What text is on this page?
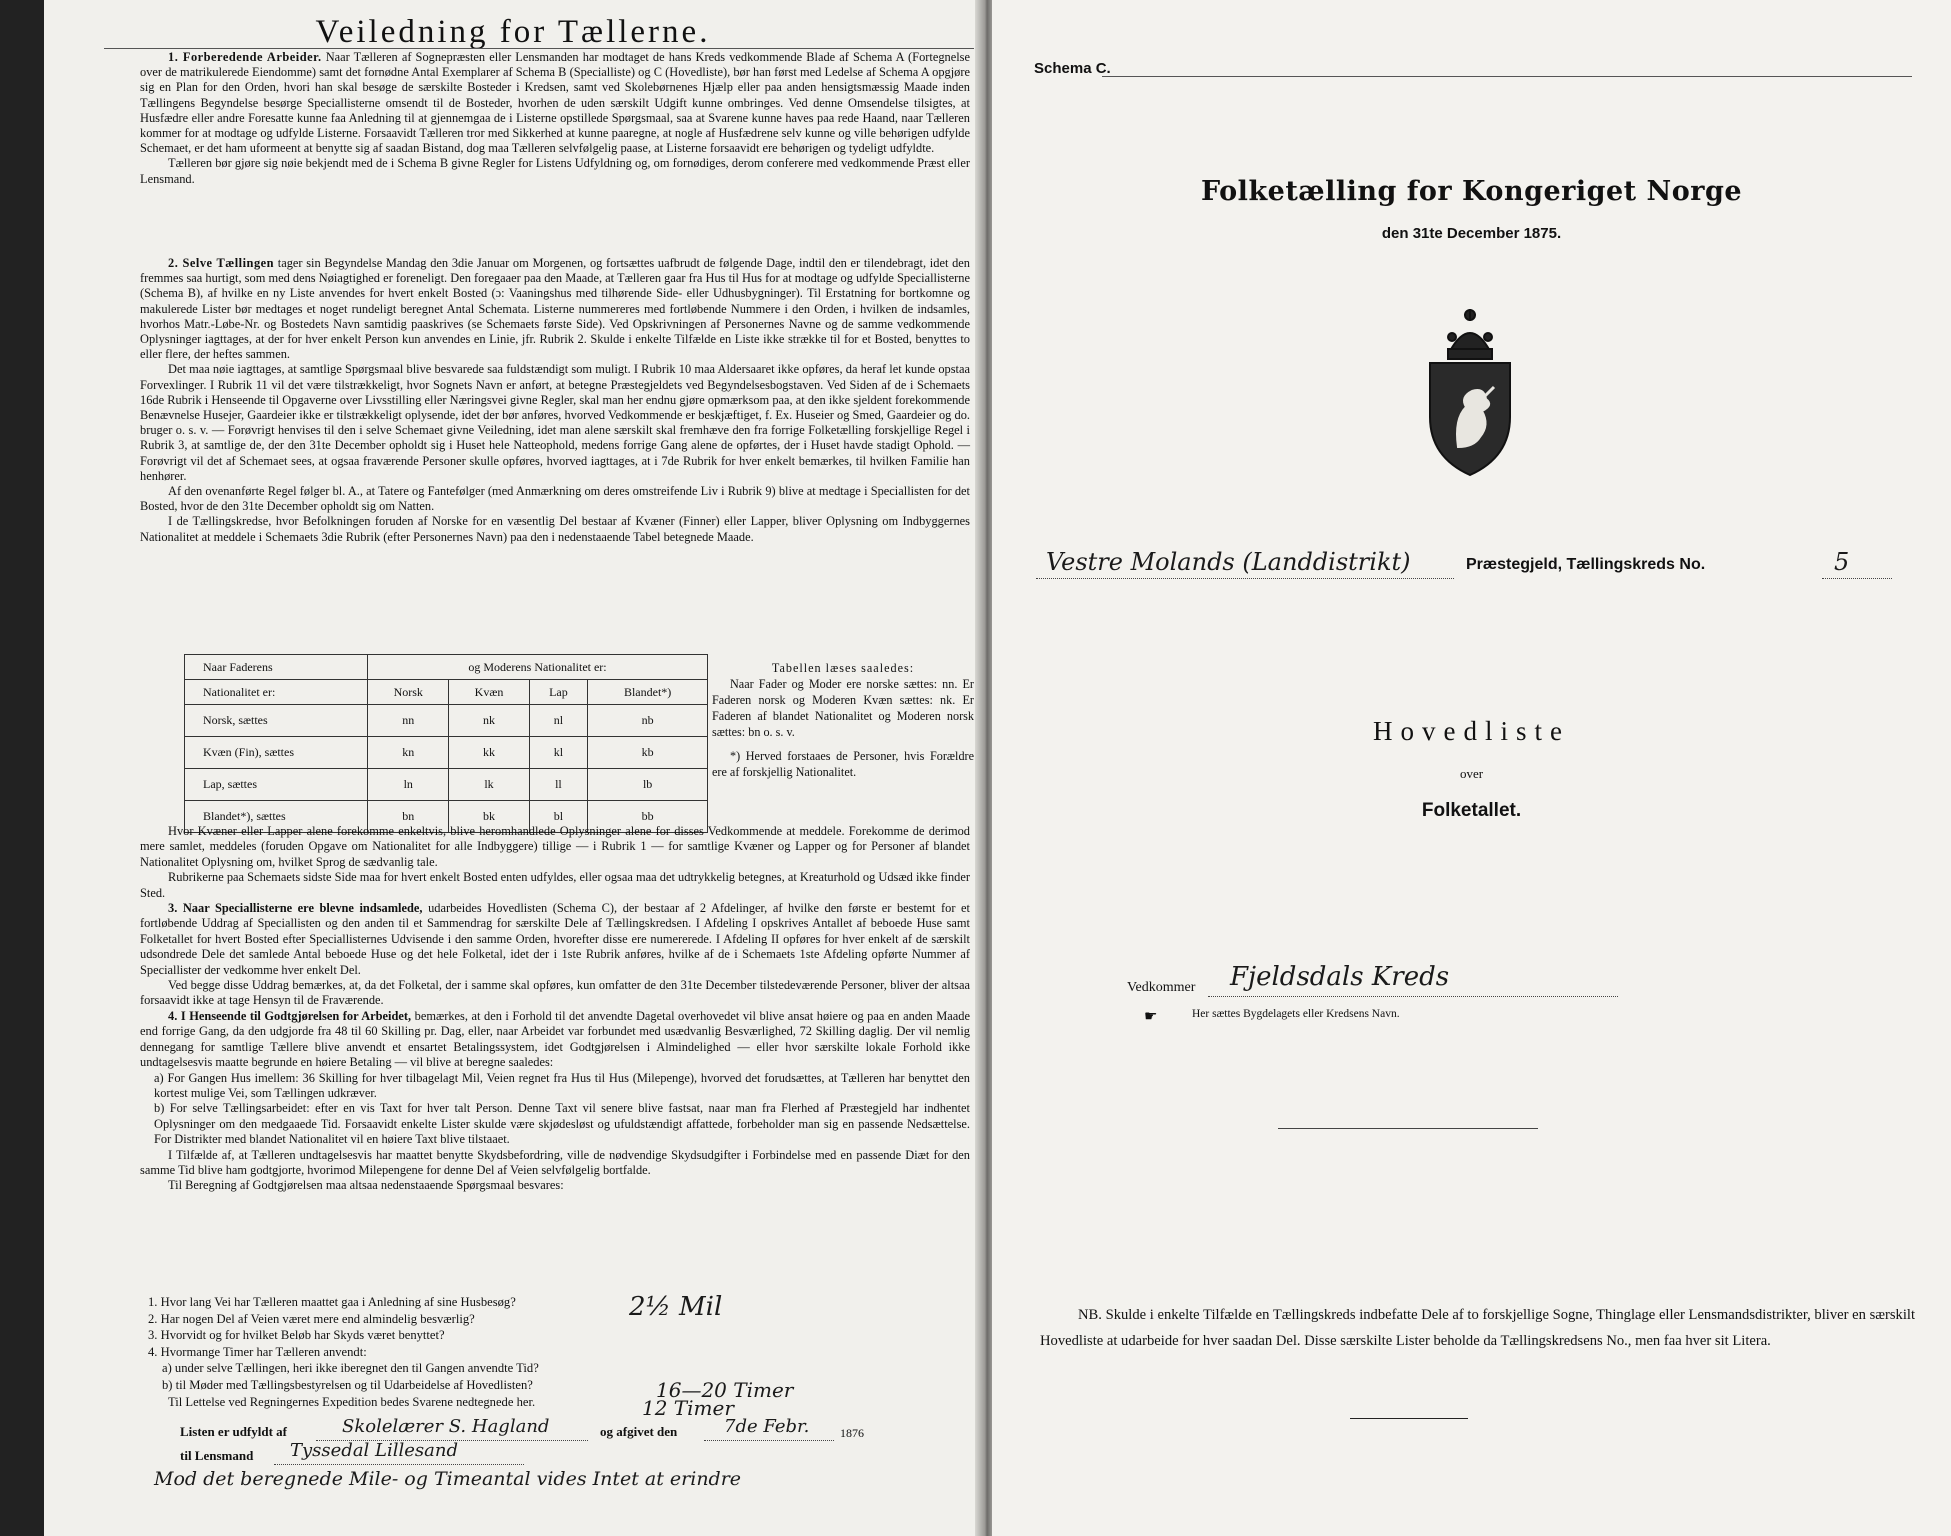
Veiledning for Tællerne.

1. Forberedende Arbeider. Naar Tælleren af Sognepræsten eller Lensmanden har modtaget de hans Kreds vedkommende Blade af Schema A (Fortegnelse over de matrikulerede Eiendomme) samt det fornødne Antal Exemplarer af Schema B (Specialliste) og C (Hovedliste), bør han først med Ledelse af Schema A opgjøre sig en Plan for den Orden, hvori han skal besøge de særskilte Bosteder i Kredsen, samt ved Skolebørnenes Hjælp eller paa anden hensigtsmæssig Maade inden Tællingens Begyndelse besørge Speciallisterne omsendt til de Bosteder, hvorhen de uden særskilt Udgift kunne ombringes. Ved denne Omsendelse tilsigtes, at Husfædre eller andre Foresatte kunne faa Anledning til at gjennemgaa de i Listerne opstillede Spørgsmaal, saa at Svarene kunne haves paa rede Haand, naar Tælleren kommer for at modtage og udfylde Listerne. Forsaavidt Tælleren tror med Sikkerhed at kunne paaregne, at nogle af Husfædrene selv kunne og ville behørigen udfylde Schemaet, er det ham uformeent at benytte sig af saadan Bistand, dog maa Tælleren selvfølgelig paase, at Listerne forsaavidt ere behørigen og tydeligt udfyldte.

Tælleren bør gjøre sig nøie bekjendt med de i Schema B givne Regler for Listens Udfyldning og, om fornødiges, derom conferere med vedkommende Præst eller Lensmand.

2. Selve Tællingen tager sin Begyndelse Mandag den 3die Januar om Morgenen, og fortsættes uafbrudt de følgende Dage, indtil den er tilendebragt, idet den fremmes saa hurtigt, som med dens Nøiagtighed er foreneligt. Den foregaaer paa den Maade, at Tælleren gaar fra Hus til Hus for at modtage og udfylde Speciallisterne (Schema B), af hvilke en ny Liste anvendes for hvert enkelt Bosted (ɔ: Vaaningshus med tilhørende Side- eller Udhusbygninger). Til Erstatning for bortkomne og makulerede Lister bør medtages et noget rundeligt beregnet Antal Schemata. Listerne nummereres med fortløbende Nummere i den Orden, i hvilken de indsamles, hvorhos Matr.-Løbe-Nr. og Bostedets Navn samtidig paaskrives (se Schemaets første Side). Ved Opskrivningen af Personernes Navne og de samme vedkommende Oplysninger iagttages, at der for hver enkelt Person kun anvendes en Linie, jfr. Rubrik 2. Skulde i enkelte Tilfælde en Liste ikke strække til for et Bosted, benyttes to eller flere, der heftes sammen.

Det maa nøie iagttages, at samtlige Spørgsmaal blive besvarede saa fuldstændigt som muligt. I Rubrik 10 maa Aldersaaret ikke opføres, da heraf let kunde opstaa Forvexlinger. I Rubrik 11 vil det være tilstrækkeligt, hvor Sognets Navn er anført, at betegne Præstegjeldets ved Begyndelsesbogstaven. Ved Siden af de i Schemaets 16de Rubrik i Henseende til Opgaverne over Livsstilling eller Næringsvei givne Regler, skal man her endnu gjøre opmærksom paa, at den ikke sjeldent forekommende Benævnelse Husejer, Gaardeier ikke er tilstrækkeligt oplysende, idet der bør anføres, hvorved Vedkommende er beskjæftiget, f. Ex. Huseier og Smed, Gaardeier og do. bruger o. s. v. — Forøvrigt henvises til den i selve Schemaet givne Veiledning, idet man alene særskilt skal fremhæve den fra forrige Folketælling forskjellige Regel i Rubrik 3, at samtlige de, der den 31te December opholdt sig i Huset hele Natteophold, medens forrige Gang alene de opførtes, der i Huset havde stadigt Ophold. — Forøvrigt vil det af Schemaet sees, at ogsaa fraværende Personer skulle opføres, hvorved iagttages, at i 7de Rubrik for hver enkelt bemærkes, til hvilken Familie han henhører.

Af den ovenanførte Regel følger bl. A., at Tatere og Fantefølger (med Anmærkning om deres omstreifende Liv i Rubrik 9) blive at medtage i Speciallisten for det Bosted, hvor de den 31te December opholdt sig om Natten.

I de Tællingskredse, hvor Befolkningen foruden af Norske for en væsentlig Del bestaar af Kvæner (Finner) eller Lapper, bliver Oplysning om Indbyggernes Nationalitet at meddele i Schemaets 3die Rubrik (efter Personernes Navn) paa den i nedenstaaende Tabel betegnede Maade.

Naar Faderens	og Moderens Nationalitet er:			
Nationalitet er:	Norsk	Kvæn	Lap	Blandet*)
Norsk, sættes	nn	nk	nl	nb
Kvæn (Fin), sættes	kn	kk	kl	kb
Lap, sættes	ln	lk	ll	lb
Blandet*), sættes	bn	bk	bl	bb

Tabellen læses saaledes:

Naar Fader og Moder ere norske sættes: nn. Er Faderen norsk og Moderen Kvæn sættes: nk. Er Faderen af blandet Nationalitet og Moderen norsk sættes: bn o. s. v.

*) Herved forstaaes de Personer, hvis Forældre ere af forskjellig Nationalitet.

Hvor Kvæner eller Lapper alene forekomme enkeltvis, blive heromhandlede Oplysninger alene for disses Vedkommende at meddele. Forekomme de derimod mere samlet, meddeles (foruden Opgave om Nationalitet for alle Indbyggere) tillige — i Rubrik 1 — for samtlige Kvæner og Lapper og for Personer af blandet Nationalitet Oplysning om, hvilket Sprog de sædvanlig tale.

Rubrikerne paa Schemaets sidste Side maa for hvert enkelt Bosted enten udfyldes, eller ogsaa maa det udtrykkelig betegnes, at Kreaturhold og Udsæd ikke finder Sted.

3. Naar Speciallisterne ere blevne indsamlede, udarbeides Hovedlisten (Schema C), der bestaar af 2 Afdelinger, af hvilke den første er bestemt for et fortløbende Uddrag af Speciallisten og den anden til et Sammendrag for særskilte Dele af Tællingskredsen. I Afdeling I opskrives Antallet af beboede Huse samt Folketallet for hvert Bosted efter Speciallisternes Udvisende i den samme Orden, hvorefter disse ere numererede. I Afdeling II opføres for hver enkelt af de særskilt udsondrede Dele det samlede Antal beboede Huse og det hele Folketal, idet der i 1ste Rubrik anføres, hvilke af de i Schemaets 1ste Afdeling opførte Nummer af Speciallister der vedkomme hver enkelt Del.

Ved begge disse Uddrag bemærkes, at, da det Folketal, der i samme skal opføres, kun omfatter de den 31te December tilstedeværende Personer, bliver der altsaa forsaavidt ikke at tage Hensyn til de Fraværende.

4. I Henseende til Godtgjørelsen for Arbeidet, bemærkes, at den i Forhold til det anvendte Dagetal overhovedet vil blive ansat høiere og paa en anden Maade end forrige Gang, da den udgjorde fra 48 til 60 Skilling pr. Dag, eller, naar Arbeidet var forbundet med usædvanlig Besværlighed, 72 Skilling daglig. Der vil nemlig dennegang for samtlige Tællere blive anvendt et ensartet Betalingssystem, idet Godtgjørelsen i Almindelighed — eller hvor særskilte lokale Forhold ikke undtagelsesvis maatte begrunde en høiere Betaling — vil blive at beregne saaledes:

a) For Gangen Hus imellem: 36 Skilling for hver tilbagelagt Mil, Veien regnet fra Hus til Hus (Milepenge), hvorved det forudsættes, at Tælleren har benyttet den kortest mulige Vei, som Tællingen udkræver.

b) For selve Tællingsarbeidet: efter en vis Taxt for hver talt Person. Denne Taxt vil senere blive fastsat, naar man fra Flerhed af Præstegjeld har indhentet Oplysninger om den medgaaede Tid. Forsaavidt enkelte Lister skulde være skjødesløst og ufuldstændigt affattede, forbeholder man sig en passende Nedsættelse. For Distrikter med blandet Nationalitet vil en høiere Taxt blive tilstaaet.

I Tilfælde af, at Tælleren undtagelsesvis har maattet benytte Skydsbefordring, ville de nødvendige Skydsudgifter i Forbindelse med en passende Diæt for den samme Tid blive ham godtgjorte, hvorimod Milepengene for denne Del af Veien selvfølgelig bortfalde.

Til Beregning af Godtgjørelsen maa altsaa nedenstaaende Spørgsmaal besvares:

1. Hvor lang Vei har Tælleren maattet gaa i Anledning af sine Husbesøg?

2. Har nogen Del af Veien været mere end almindelig besværlig?

3. Hvorvidt og for hvilket Beløb har Skyds været benyttet?

4. Hvormange Timer har Tælleren anvendt:

a) under selve Tællingen, heri ikke iberegnet den til Gangen anvendte Tid?

b) til Møder med Tællingsbestyrelsen og til Udarbeidelse af Hovedlisten?

Til Lettelse ved Regningernes Expedition bedes Svarene nedtegnede her.

2½ Mil
16—20 Timer
12 Timer
Listen er udfyldt af	Skolelærer S. Hagland	og afgivet den	7de Febr.	1876
til Lensmand Tyssedal Lillesand
Mod det beregnede Mile- og Timeantal vides Intet at erindre
Schema C.
Folketælling for Kongeriget Norge
den 31te December 1875.
Vestre Molands (Landdistrikt)	Præstegjeld, Tællingskreds No.	5
Hovedliste
over
Folketallet.
Vedkommer Fjeldsdals Kreds
☛	Her sættes Bygdelagets eller Kredsens Navn.

NB. Skulde i enkelte Tilfælde en Tællingskreds indbefatte Dele af to forskjellige Sogne, Thinglage eller Lensmandsdistrikter, bliver en særskilt Hovedliste at udarbeide for hver saadan Del. Disse særskilte Lister beholde da Tællingskredsens No., men faa hver sit Litera.
